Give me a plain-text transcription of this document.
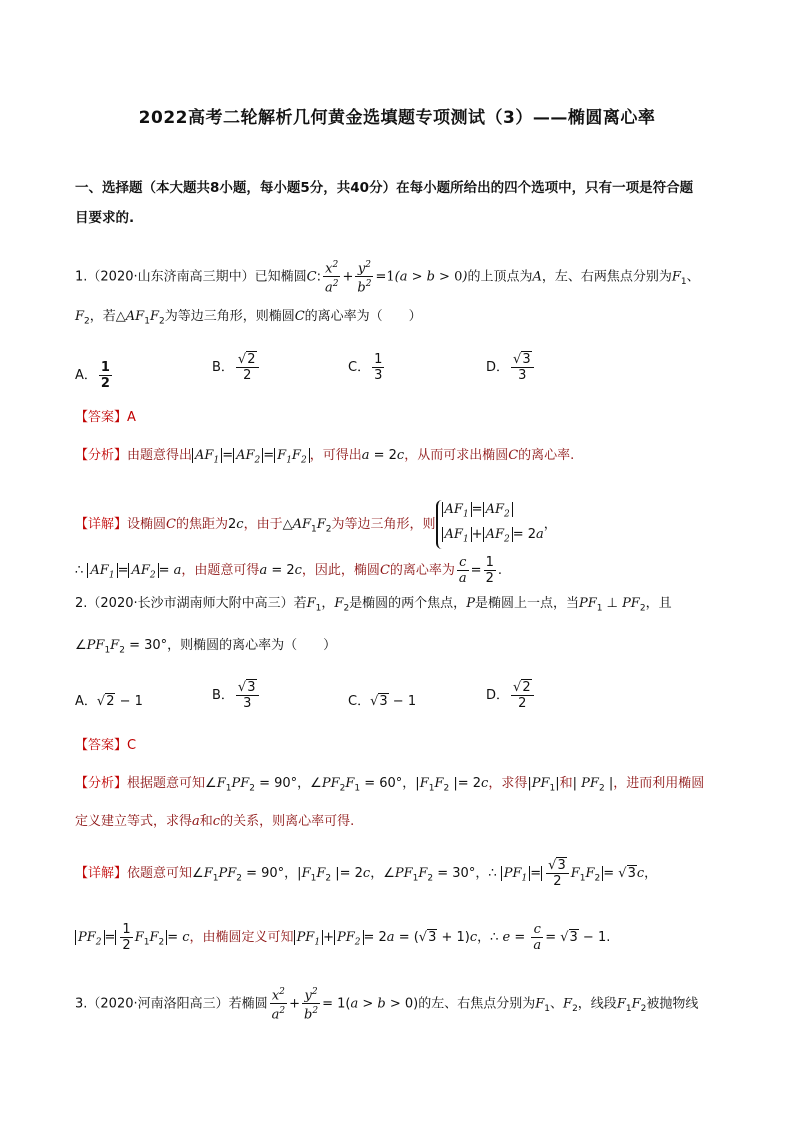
2022高考二轮解析几何黄金选填题专项测试（3）——椭圆离心率
一、选择题（本大题共8小题，每小题5分，共40分）在每小题所给出的四个选项中，只有一项是符合题
目要求的.
1.（2020·山东济南高三期中）已知椭圆C: $\frac{x^2}{a^2} + \frac{y^2}{b^2} =1(a > b > 0)$的上顶点为A，左、右两焦点分别为$F_1$、
$F_2$，若$\triangle AF_1F_2$为等边三角形，则椭圆C的离心率为（　　）
A． $\frac{1}{2}$	B． $\frac{√2}{2}$	C． $\frac{1}{3}$	D． $\frac{√3}{3}$
【答案】A
【分析】由题意得出 $AF_1 = AF_2 = F_1F_2$ ，可得出a = 2c，从而可求出椭圆C的离心率.
【详解】设椭圆C的焦距为2c，由于$\triangle AF_1F_2$为等边三角形，则
$AF_1 = AF_2$
$AF_1 + AF_2 = 2a$
，
∴ $AF_1 = AF_2 = a$，由题意可得a = 2c，因此，椭圆C的离心率为 $\frac{c}{a} = \frac{1}{2}$ .
2.（2020·长沙市湖南师大附中高三）若$F_1$，$F_2$是椭圆的两个焦点，P是椭圆上一点，当$PF_1$ ⊥ $PF_2$，且
$\angle PF_1F_2 = 30^\circ$，则椭圆的离心率为（　　）
A．√2 − 1	B． $\frac{√3}{3}$	C．√3 − 1	D． $\frac{√2}{2}$
【答案】C
【分析】根据题意可知$\angle F_1PF_2 = 90^\circ$，$\angle PF_2F_1 = 60^\circ$，$|F_1F_2$ |= 2c，求得$|PF_1|$和| $PF_2$ |，进而利用椭圆
定义建立等式，求得a和c的关系，则离心率可得.
【详解】依题意可知$\angle F_1PF_2 = 90^\circ$，$|F_1F_2$ |= 2c，$\angle PF_1F_2 = 30^\circ$，∴ $PF_1 = \frac{√3}{2} F_1F_2 = √3c$，
$PF_2 = \frac{1}{2} F_1F_2 = c$，由椭圆定义可知 $PF_1 + PF_2 = 2a = (√3 + 1)c$，∴ $e = \frac{c}{a} = √3 - 1$.
3.（2020·河南洛阳高三）若椭圆 $\frac{x^2}{a^2} + \frac{y^2}{b^2} = 1(a > b > 0)$的左、右焦点分别为$F_1$、$F_2$，线段$F_1F_2$被抛物线
